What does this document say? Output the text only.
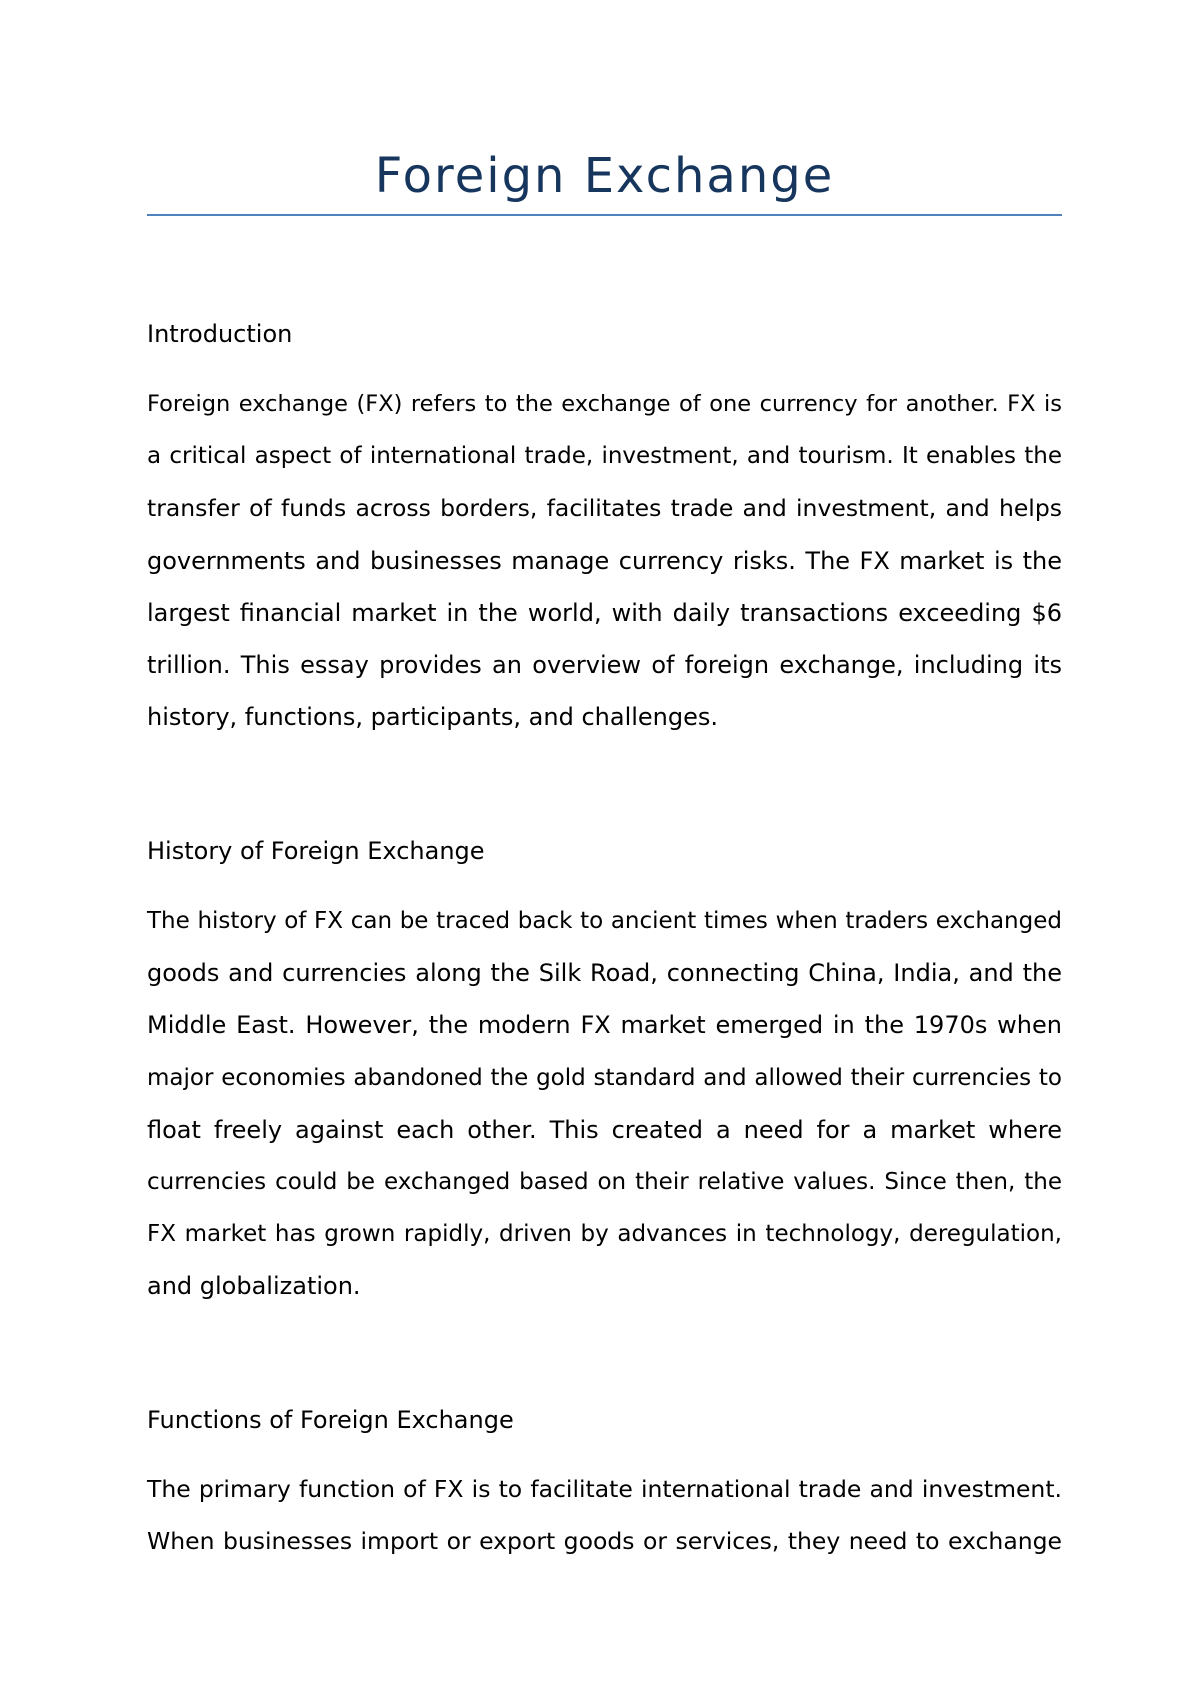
Foreign Exchange
Introduction

Foreign exchange (FX) refers to the exchange of one currency for another. FX is
a critical aspect of international trade, investment, and tourism. It enables the
transfer of funds across borders, facilitates trade and investment, and helps
governments and businesses manage currency risks. The FX market is the
largest financial market in the world, with daily transactions exceeding $6
trillion. This essay provides an overview of foreign exchange, including its
history, functions, participants, and challenges.

History of Foreign Exchange

The history of FX can be traced back to ancient times when traders exchanged
goods and currencies along the Silk Road, connecting China, India, and the
Middle East. However, the modern FX market emerged in the 1970s when
major economies abandoned the gold standard and allowed their currencies to
float freely against each other. This created a need for a market where
currencies could be exchanged based on their relative values. Since then, the
FX market has grown rapidly, driven by advances in technology, deregulation,
and globalization.

Functions of Foreign Exchange

The primary function of FX is to facilitate international trade and investment.
When businesses import or export goods or services, they need to exchange
